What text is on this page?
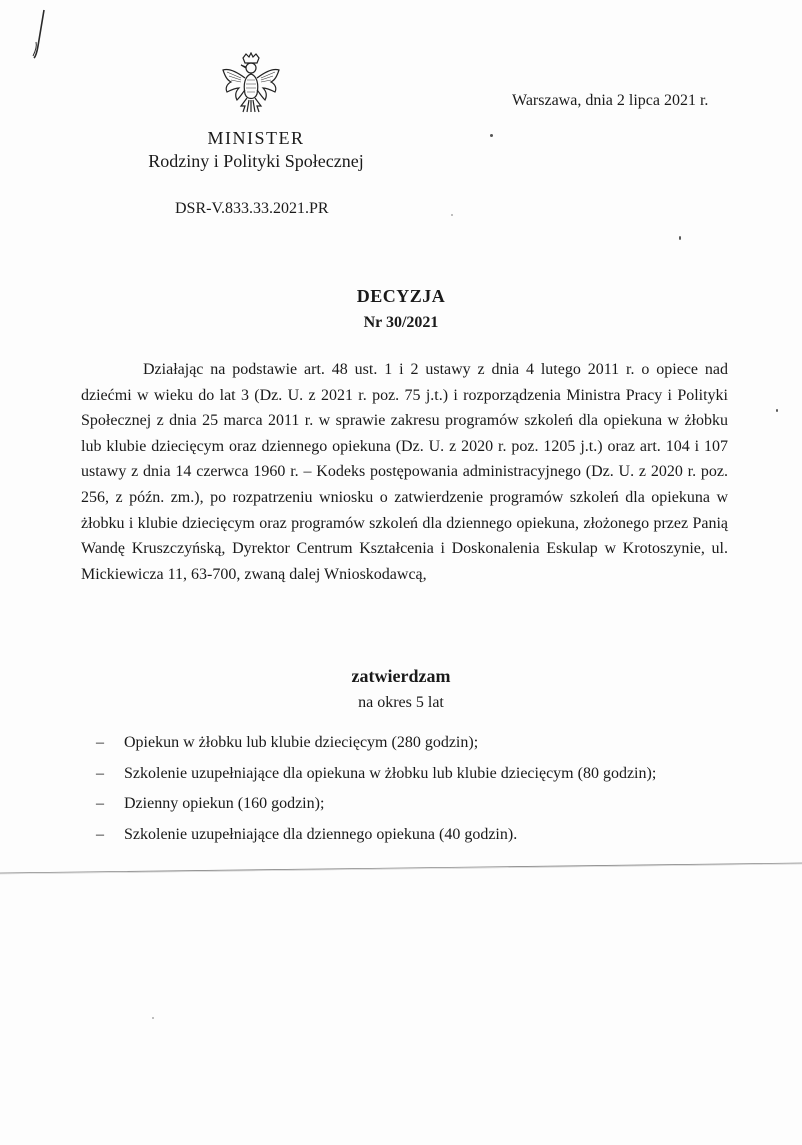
Warszawa, dnia 2 lipca 2021 r.
MINISTER
Rodziny i Polityki Społecznej
DSR-V.833.33.2021.PR
DECYZJA
Nr 30/2021

Działając na podstawie art. 48 ust. 1 i 2 ustawy z dnia 4 lutego 2011 r. o opiece nad dziećmi w wieku do lat 3 (Dz. U. z 2021 r. poz. 75 j.t.) i rozporządzenia Ministra Pracy i Polityki Społecznej z dnia 25 marca 2011 r. w sprawie zakresu programów szkoleń dla opiekuna w żłobku lub klubie dziecięcym oraz dziennego opiekuna (Dz. U. z 2020 r. poz. 1205 j.t.) oraz art. 104 i 107 ustawy z dnia 14 czerwca 1960 r. – Kodeks postępowania administracyjnego (Dz. U. z 2020 r. poz. 256, z późn. zm.), po rozpatrzeniu wniosku o zatwierdzenie programów szkoleń dla opiekuna w żłobku i klubie dziecięcym oraz programów szkoleń dla dziennego opiekuna, złożonego przez Panią Wandę Kruszczyńską, Dyrektor Centrum Kształcenia i Doskonalenia Eskulap w Krotoszynie, ul. Mickiewicza 11, 63-700, zwaną dalej Wnioskodawcą,

zatwierdzam
na okres 5 lat
– Opiekun w żłobku lub klubie dziecięcym (280 godzin);
– Szkolenie uzupełniające dla opiekuna w żłobku lub klubie dziecięcym (80 godzin);
– Dzienny opiekun (160 godzin);
– Szkolenie uzupełniające dla dziennego opiekuna (40 godzin).
